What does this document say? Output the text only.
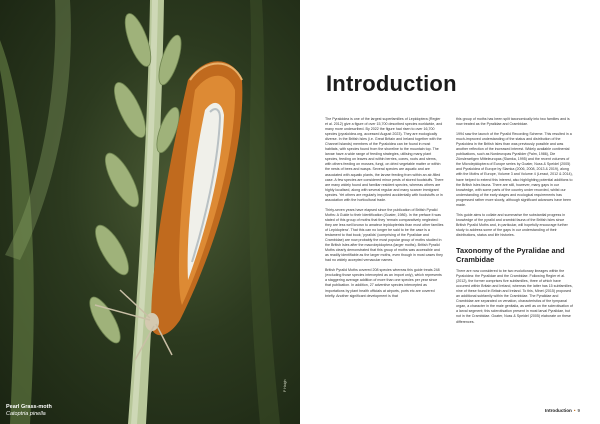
Pearl Grass-moth
Catoptria pinella
P Haigh
Introduction

The Pyraloidea is one of the largest superfamilies of Lepidoptera (Regier et al. 2012) give a figure of over 15,700 described species worldwide, and many more undescribed. By 2022 the figure had risen to over 16,700 species (pyraloidea.org, accessed August 2023). They are ecologically diverse. In the British Isles (i.e. Great Britain and Ireland together with the Channel Islands) members of the Pyraloidea can be found in most habitats, with species found from the shoreline to the mountain top. The larvae have a wide range of feeding strategies, utilising many plant species, feeding on leaves and within berries, cones, roots and stems, with others feeding on mosses, fungi, on dried vegetable matter or within the nests of bees and wasps. Several species are aquatic and are associated with aquatic plants, the larvae feeding from within an air-filled case. A few species are considered minor pests of stored foodstuffs. There are many widely found and familiar resident species, whereas others are highly localised, along with several regular and many scarcer immigrant species. Yet others are regularly imported accidentally with foodstuffs or in association with the horticultural trade.

Thirty-seven years have elapsed since the publication of British Pyralid Moths: A Guide to their Identification (Goater, 1986). In the preface it was stated of this group of moths that they 'remain comparatively neglected: they are less well known to amateur lepidopterists than most other families of Lepidoptera'. That this can no longer be said to be the case is a testament to that book; 'pyralids' (comprising of the Pyralidae and Crambidae) are now probably the most popular group of moths studied in the British Isles after the macrolepidoptera (larger moths). British Pyralid Moths clearly demonstrated that this group of moths was accessible and as readily identifiable as the larger moths, even though in most cases they had no widely accepted vernacular names.

British Pyralid Moths covered 208 species whereas this guide treats 248 (excluding those species intercepted as an import only), which represents a staggering average addition of more than one species per year since that publication. In addition, 27 adventive species intercepted as importations by plant health officials at airports, ports etc are covered briefly. Another significant development is that

this group of moths has been split taxonomically into two families and is now treated as the Pyralidae and Crambidae.

1994 saw the launch of the Pyralid Recording Scheme. This resulted in a much-improved understanding of the status and distribution of the Pyraloidea in the British Isles than was previously possible and was another reflection of the increased interest. Widely available continental publications, such as Nordeuropas Pyralider (Palm, 1986), Die Zünslerartigen Mitteleuropas (Slamka, 1995) and the recent volumes of the Microlepidoptera of Europe series by Goater, Nuss & Speidel (2005) and Pyraloidea of Europe by Slamka (2006, 2008, 2013 & 2019), along with the Moths of Europe, Volume 3 and Volume 4 (Leraut, 2012 & 2014), have helped to extend this interest, also highlighting potential additions to the British Isles fauna. There are still, however, many gaps in our knowledge, with some parts of the country under recorded, whilst our understanding of the early stages and ecological requirements has progressed rather more slowly, although significant advances have been made.

This guide aims to collate and summarise the substantial progress in knowledge of the pyralid and crambid fauna of the British Isles since British Pyralid Moths and, in particular, will hopefully encourage further study to address some of the gaps in our understanding of their distributions, status and life histories.

Taxonomy of the Pyralidae and Crambidae

There are now considered to be two evolutionary lineages within the Pyraloidea: the Pyralidae and the Crambidae. Following Regier et al. (2012), the former comprises five subfamilies, three of which have occurred within Britain and Ireland, whereas the latter has 15 subfamilies, nine of these found in Britain and Ireland. To this, Minet (2015) proposed an additional subfamily within the Crambidae. The Pyralidae and Crambidae are separated on venation, characteristics of the tympanal organ, a character in the male genitalia, as well as on the sclerotisation of a larval segment; this sclerotisation present in most larval Pyralidae, but not in the Crambidae. Goater, Nuss & Speidel (2005) elaborate on these differences.

Introduction • 9
